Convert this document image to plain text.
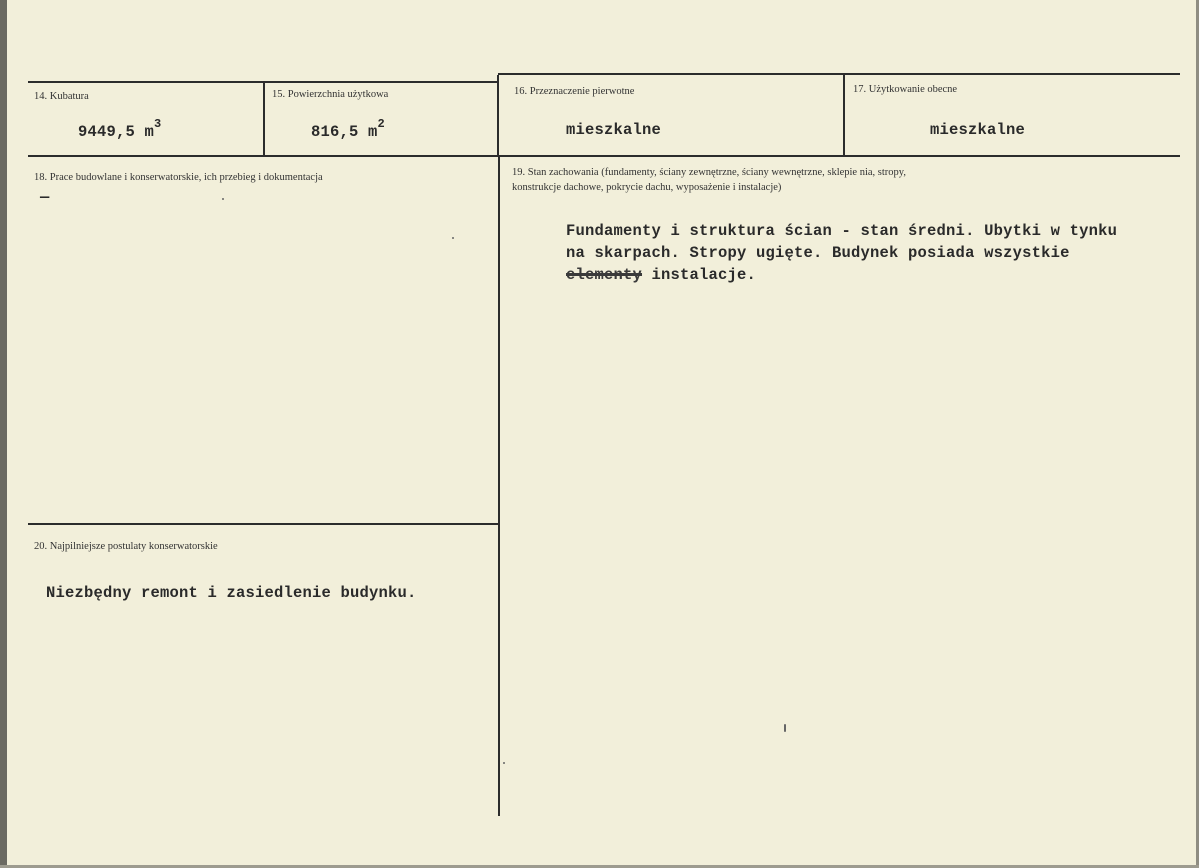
14. Kubatura
9449,5 $m^3$
15. Powierzchnia użytkowa
816,5 $m^2$
16. Przeznaczenie pierwotne
mieszkalne
17. Użytkowanie obecne
mieszkalne
18. Prace budowlane i konserwatorskie, ich przebieg i dokumentacja
—
19. Stan zachowania (fundamenty, ściany zewnętrzne, ściany wewnętrzne, sklepie nia, stropy,
konstrukcje dachowe, pokrycie dachu, wyposażenie i instalacje)
Fundamenty i struktura ścian - stan średni. Ubytki w tynku
na skarpach. Stropy ugięte. Budynek posiada wszystkie
elementy instalacje.
20. Najpilniejsze postulaty konserwatorskie
Niezbędny remont i zasiedlenie budynku.
